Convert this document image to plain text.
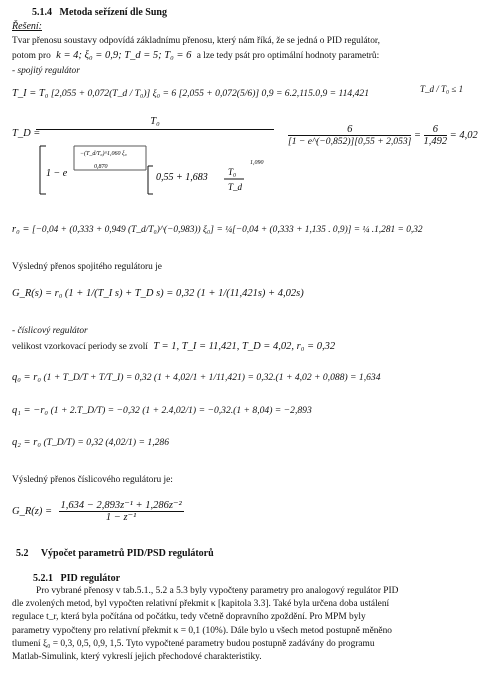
5.1.4 Metoda seřízení dle Sung
Řešení:
Tvar přenosu soustavy odpovídá základnímu přenosu, který nám říká, že se jedná o PID regulátor,
potom pro k = 4; ξ₀ = 0,9; T_d = 5; T₀ = 6 a lze tedy psát pro optimální hodnoty parametrů:
- spojitý regulátor
T_I = T₀ [2,055 + 0,072(T_d / T₀)] ξ₀ = 6 [2,055 + 0,072(5/6)] 0,9 = 6.2,115.0,9 = 114,421	T_d / T₀ ≤ 1
T_D =
T₀
1 − e
−(T_d/T₀)^1,060 ξ₀
0,870
0,55 + 1,683 T₀
T_d
1,090
$\frac{6}{[1 - e\^{}(-0,852)][0,55 + 2,053]} = \frac{6}{1,492} = 4,02$
r₀ = [−0,04 + (0,333 + 0,949 (T_d/T₀)^(−0,983)) ξ₀] = ¼[−0,04 + (0,333 + 1,135 . 0,9)] = ¼ .1,281 = 0,32
Výsledný přenos spojitého regulátoru je
G_R(s) = r₀ (1 + 1/(T_I s) + T_D s) = 0,32 (1 + 1/(11,421s) + 4,02s)
- číslicový regulátor
velikost vzorkovací periody se zvolí T = 1, T_I = 11,421, T_D = 4,02, r₀ = 0,32
q₀ = r₀ (1 + T_D/T + T/T_I) = 0,32 (1 + 4,02/1 + 1/11,421) = 0,32.(1 + 4,02 + 0,088) = 1,634
q₁ = −r₀ (1 + 2.T_D/T) = −0,32 (1 + 2.4,02/1) = −0,32.(1 + 8,04) = −2,893
q₂ = r₀ (T_D/T) = 0,32 (4,02/1) = 1,286
Výsledný přenos číslicového regulátoru je:
G_R(z) = $\frac{\text{1,634 − 2,893z⁻¹ + 1,286z⁻²}}{\text{1 − z⁻¹}}$
5.2 Výpočet parametrů PID/PSD regulátorů
5.2.1 PID regulátor
Pro vybrané přenosy v tab.5.1., 5.2 a 5.3 byly vypočteny parametry pro analogový regulátor PID
dle zvolených metod, byl vypočten relativní překmit κ [kapitola 3.3]. Také byla určena doba ustálení
regulace t_r, která byla počítána od počátku, tedy včetně dopravního zpoždění. Pro MPM byly
parametry vypočteny pro relativní překmit κ = 0,1 (10%). Dále bylo u všech metod postupně měněno
tlumení ξ₀ = 0,3, 0,5, 0,9, 1,5. Tyto vypočtené parametry budou postupně zadávány do programu
Matlab-Simulink, který vykreslí jejich přechodové charakteristiky.
